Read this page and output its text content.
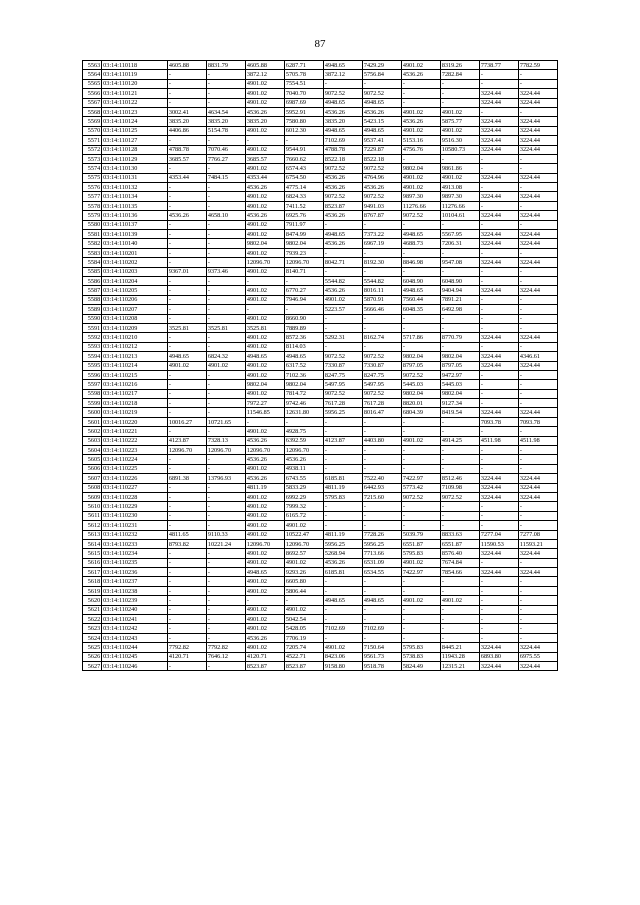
87
5563	03:14:110118	4605.88	8831.79	4605.88	6287.71	4948.65	7429.29	4901.02	8319.26	7738.77	7782.59
5564	03:14:110119	-	-	3872.12	5705.78	3872.12	5756.84	4536.26	7282.84	-	-
5565	03:14:110120	-	-	4901.02	7554.51	-	-	-	-	-	-
5566	03:14:110121	-	-	4901.02	7040.70	9072.52	9072.52	-	-	3224.44	3224.44
5567	03:14:110122	-	-	4901.02	6987.69	4948.65	4948.65	-	-	3224.44	3224.44
5568	03:14:110123	3002.41	4634.54	4536.26	5952.91	4536.26	4536.26	4901.02	4901.02	-	-
5569	03:14:110124	3835.20	3835.20	3835.20	7580.80	3835.20	5423.15	4536.26	5875.77	3224.44	3224.44
5570	03:14:110125	4406.86	5154.78	4901.02	6012.30	4948.65	4948.65	4901.02	4901.02	3224.44	3224.44
5571	03:14:110127	-	-	-	-	7102.69	9537.41	5153.16	9516.30	3224.44	3224.44
5572	03:14:110128	4788.78	7070.46	4901.02	9544.91	4788.78	7229.87	4756.76	10580.73	3224.44	3224.44
5573	03:14:110129	3685.57	7766.27	3685.57	7660.62	8522.18	8522.18	-	-	-	-
5574	03:14:110130	-	-	4901.02	6574.43	9072.52	9072.52	9802.04	9861.86	-	-
5575	03:14:110131	4353.44	7484.15	4353.44	6754.50	4536.26	4764.96	4901.02	4901.02	3224.44	3224.44
5576	03:14:110132	-	-	4536.26	4775.14	4536.26	4536.26	4901.02	4913.08	-	-
5577	03:14:110134	-	-	4901.02	6824.33	9072.52	9072.52	9897.30	9897.30	3224.44	3224.44
5578	03:14:110135	-	-	4901.02	7411.52	8523.87	9491.03	11276.66	11276.66	-	-
5579	03:14:110136	4536.26	4658.10	4536.26	6925.76	4536.26	8767.87	9072.52	10104.61	3224.44	3224.44
5580	03:14:110137	-	-	4901.02	7911.97	-	-	-	-	-	-
5581	03:14:110139	-	-	4901.02	8474.99	4948.65	7373.22	4948.65	5567.95	3224.44	3224.44
5582	03:14:110140	-	-	9802.04	9802.04	4536.26	6967.19	4688.73	7206.31	3224.44	3224.44
5583	03:14:110201	-	-	4901.02	7939.23	-	-	-	-	-	-
5584	03:14:110202	-	-	12096.70	12096.70	8042.71	8192.30	8846.98	9547.08	3224.44	3224.44
5585	03:14:110203	9367.01	9373.46	4901.02	8140.71	-	-	-	-	-	-
5586	03:14:110204	-	-	-	-	5544.82	5544.82	6048.90	6048.90	-	-
5587	03:14:110205	-	-	4901.02	6770.27	4536.26	8016.11	4948.65	9404.94	3224.44	3224.44
5588	03:14:110206	-	-	4901.02	7946.94	4901.02	5870.91	7560.44	7891.21	-	-
5589	03:14:110207	-	-	-	-	5223.57	5666.46	6048.35	6492.98	-	-
5590	03:14:110208	-	-	4901.02	8660.90	-	-	-	-	-	-
5591	03:14:110209	3525.81	3525.81	3525.81	7889.89	-	-	-	-	-	-
5592	03:14:110210	-	-	4901.02	8572.36	5292.31	8162.74	5717.86	8770.79	3224.44	3224.44
5593	03:14:110212	-	-	4901.02	8114.03	-	-	-	-	-	-
5594	03:14:110213	4948.65	6824.32	4948.65	4948.65	9072.52	9072.52	9802.04	9802.04	3224.44	4346.61
5595	03:14:110214	4901.02	4901.02	4901.02	6317.52	7330.87	7330.87	8797.05	8797.05	3224.44	3224.44
5596	03:14:110215	-	-	4901.02	7102.36	8247.75	8247.75	9072.52	9472.97	-	-
5597	03:14:110216	-	-	9802.04	9802.04	5497.95	5497.95	5445.03	5445.03	-	-
5598	03:14:110217	-	-	4901.02	7814.72	9072.52	9072.52	9802.04	9802.04	-	-
5599	03:14:110218	-	-	7972.27	9742.46	7617.28	7617.28	8820.01	9127.34	-	-
5600	03:14:110219	-	-	11546.85	12631.80	5956.25	8016.47	6804.39	8419.54	3224.44	3224.44
5601	03:14:110220	10016.27	10721.65	-	-	-	-	-	-	7093.78	7093.78
5602	03:14:110221	-	-	4901.02	4928.75	-	-	-	-	-	-
5603	03:14:110222	4123.87	7328.13	4536.26	6392.59	4123.87	4403.80	4901.02	4914.25	4511.98	4511.98
5604	03:14:110223	12096.70	12096.70	12096.70	12096.70	-	-	-	-	-	-
5605	03:14:110224	-	-	4536.26	4536.26	-	-	-	-	-	-
5606	03:14:110225	-	-	4901.02	4938.11	-	-	-	-	-	-
5607	03:14:110226	6891.38	13796.93	4536.26	6743.55	6185.81	7522.40	7422.97	8512.46	3224.44	3224.44
5608	03:14:110227	-	-	4811.19	5833.29	4811.19	6442.93	5773.42	7109.98	3224.44	3224.44
5609	03:14:110228	-	-	4901.02	6992.29	5795.83	7215.60	9072.52	9072.52	3224.44	3224.44
5610	03:14:110229	-	-	4901.02	7999.32	-	-	-	-	-	-
5611	03:14:110230	-	-	4901.02	6165.72	-	-	-	-	-	-
5612	03:14:110231	-	-	4901.02	4901.02	-	-	-	-	-	-
5613	03:14:110232	4811.65	9110.33	4901.02	10522.47	4811.19	7728.26	5039.79	8833.63	7277.04	7277.08
5614	03:14:110233	8793.82	10221.24	12096.70	12096.70	5956.25	5956.25	6551.87	6551.87	11590.53	11593.21
5615	03:14:110234	-	-	4901.02	8692.57	5268.94	7713.66	5795.83	8576.40	3224.44	3224.44
5616	03:14:110235	-	-	4901.02	4901.02	4536.26	6531.09	4901.02	7674.84	-	-
5617	03:14:110236	-	-	4948.65	9293.26	6185.81	6534.55	7422.97	7854.66	3224.44	3224.44
5618	03:14:110237	-	-	4901.02	6605.80	-	-	-	-	-	-
5619	03:14:110238	-	-	4901.02	5806.44	-	-	-	-	-	-
5620	03:14:110239	-	-	-	-	4948.65	4948.65	4901.02	4901.02	-	-
5621	03:14:110240	-	-	4901.02	4901.02	-	-	-	-	-	-
5622	03:14:110241	-	-	4901.02	5042.54	-	-	-	-	-	-
5623	03:14:110242	-	-	4901.02	5428.05	7102.69	7102.69	-	-	-	-
5624	03:14:110243	-	-	4536.26	7706.19	-	-	-	-	-	-
5625	03:14:110244	7792.82	7792.82	4901.02	7205.74	4901.02	7150.64	5795.83	8445.21	3224.44	3224.44
5626	03:14:110245	4120.71	7646.12	4120.71	4522.71	8423.06	9561.73	5738.83	11943.28	6893.80	6975.55
5627	03:14:110246	-	-	8523.87	8523.87	9158.80	9518.78	5824.49	12315.21	3224.44	3224.44
